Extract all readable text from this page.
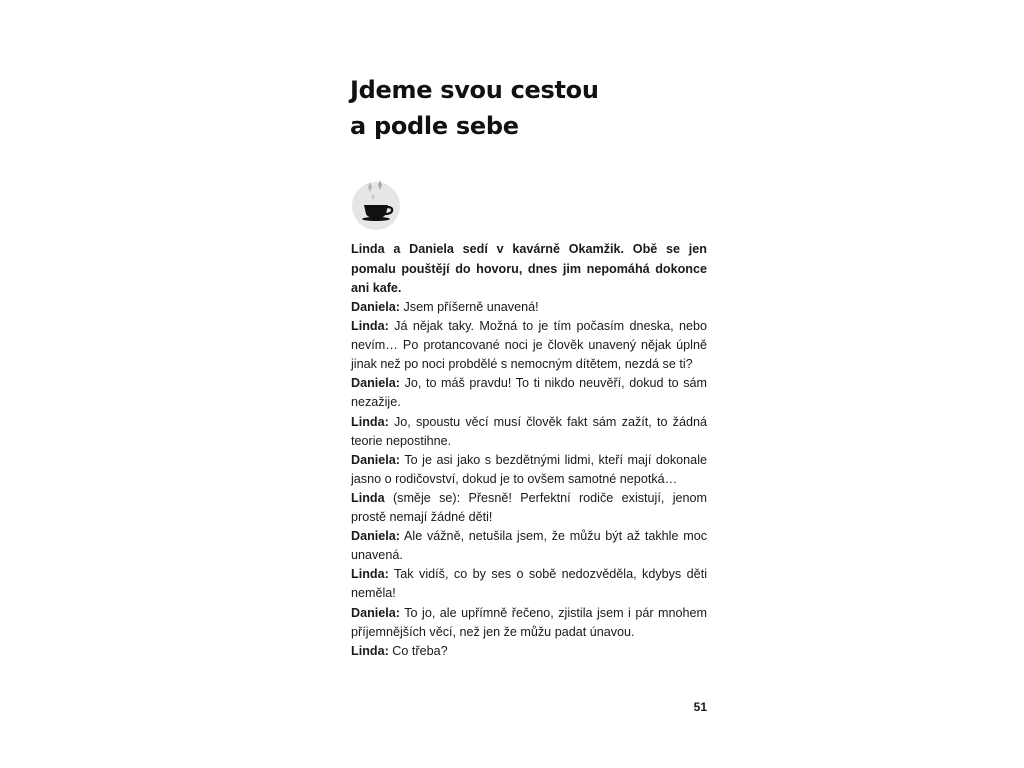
Jdeme svou cestou
a podle sebe

Linda a Daniela sedí v kavárně Okamžik. Obě se jen pomalu pouštějí do hovoru, dnes jim nepomáhá dokonce ani kafe.

Daniela: Jsem příšerně unavená!

Linda: Já nějak taky. Možná to je tím počasím dneska, nebo nevím… Po protancované noci je člověk unavený nějak úplně jinak než po noci probdělé s nemocným dítětem, nezdá se ti?

Daniela: Jo, to máš pravdu! To ti nikdo neuvěří, dokud to sám nezažije.

Linda: Jo, spoustu věcí musí člověk fakt sám zažít, to žádná teorie nepostihne.

Daniela: To je asi jako s bezdětnými lidmi, kteří mají dokonale jasno o rodičovství, dokud je to ovšem samotné nepotká…

Linda (směje se): Přesně! Perfektní rodiče existují, jenom prostě nemají žádné děti!

Daniela: Ale vážně, netušila jsem, že můžu být až takhle moc unavená.

Linda: Tak vidíš, co by ses o sobě nedozvěděla, kdybys děti neměla!

Daniela: To jo, ale upřímně řečeno, zjistila jsem i pár mnohem příjemnějších věcí, než jen že můžu padat únavou.

Linda: Co třeba?

51
